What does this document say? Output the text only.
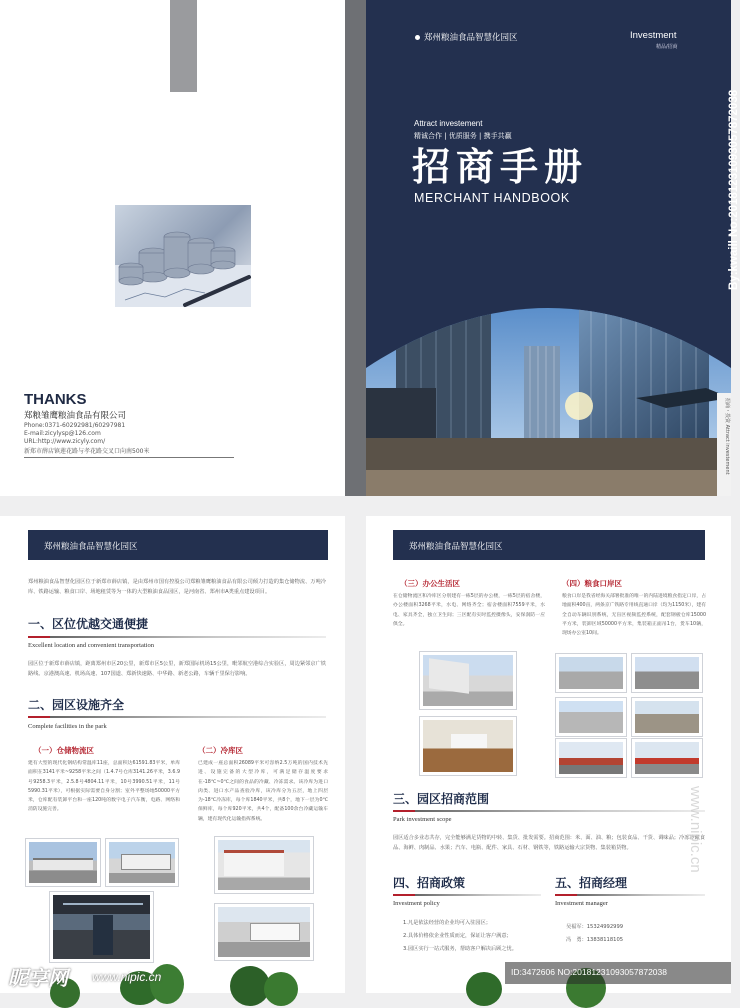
THANKS
郑粮雏鹰粮油食品有限公司
Phone:0371-60292981/60297981
E-mail:zicylysp@126.com
URL:http://www.zicyly.com/
新郑市薛店镇莲花路与孝花路交叉口向南500米
郑州粮油食品智慧化园区	Investment
精品/招商
Attract investement
精诚合作 | 优质服务 | 携手共赢
招商手册
MERCHANT HANDBOOK
招商・投资 Attract investement
By:kwaill No:20181231093057872038
郑州粮油食品智慧化园区
郑州粮油食品智慧化园区位于新郑市薛店镇，是由郑州市国有控股公司郑粮雏鹰粮油食品有限公司倾力打造的集仓储物流、万吨冷库、铁路运输、粮食口岸、场地租赁等为一体的大型粮油食品园区，是河南省、郑州市A类重点建设项目。
一、区位优越交通便捷
Excellent location and convenient transportation
园区位于新郑市薛店镇，距离郑州市区20公里，新郑市区5公里，新郑国际机场15公里，毗邻航空港综合实验区，周边紧邻京广铁路线、京港澳高速、机场高速、107国道、郑新快速路、中华路、新老公路，车辆千里保行影响。
二、园区设施齐全
Complete facilities in the park
（一）仓储物流区
建有大型的现代化钢结构常温库11座，总面积达61591.83平米，单库面积在3141平米~9258平米之间（1.4.7号仓库3141.26平米，3.6.9号9258.3平米，2.5.8号4804.11平米，10号3990.51平米，11号5990.31平米），可根据实际需要自身分割；室外平整场地50000平方米，仓库配有装卸平台和一座120吨的数字电子汽车衡，电路、网络和消防设施完善。
（二）冷库区
已建成一座总面积26089平米可容纳2.5万吨的国内技术先进、设施完备的大型冷库，可满足储存温度要求在-18℃~0℃之间的食品的冷藏、冷冻需求。该冷库为进口肉类、进口水产品查验冷库，该冷库分为五层，地上四层为-18℃冷冻库，每个库1840平米，共8个，地下一层为0℃保鲜库，每个库920平米，共4个，配备100余台冷藏运输车辆，建有现代化运输指挥系统。
郑州粮油食品智慧化园区
（三）办公生活区
在仓储物流区和冷库区分别建有一栋5层的办公楼，一栋5层的宿舍楼，办公楼面积3268平米，水电、网络齐全；宿舍楼面积7559平米，水电、家具齐全，独立卫生间；三区配有实时监控摄像头，安保润防一应俱全。
（四）粮食口岸区
粮食口岸是我省经海关部署批准的唯一的内陆进境粮食指定口岸，占地面积400亩，两条京广铁路专用线直通口岸（均为1150米），建有全自动车辆识别系统，无盲区视频监控系统，配套钢板仓库15000平方米，装卸区域50000平方米，集装箱正面吊1台，货车10辆，现场办公室10间。
三、园区招商范围
Park investment scope
园区适合多业态共存，完全能够满足货物的中转、集货、批发需要。招商范围：米、面、油、粮；包装食品、干货、调味品；冷冻冷藏食品、海鲜、肉制品、水果；汽车、电瓶、配件、家具、石材、钢铁等，铁路运输大宗货物、集装箱货物。
四、招商政策
Investment policy
1.凡是依法经营的企业均可入驻园区；
2.具体价格依企业性质而定，保证让客户满意；
3.园区实行一站式服务，帮助客户解决后顾之忧。
五、招商经理
Investment manager
吴福军：15324992999
冯　勇：13838118105
www.nipic.cn
昵享网 www.nipic.cn	ID:3472606 NO:20181231093057872038
